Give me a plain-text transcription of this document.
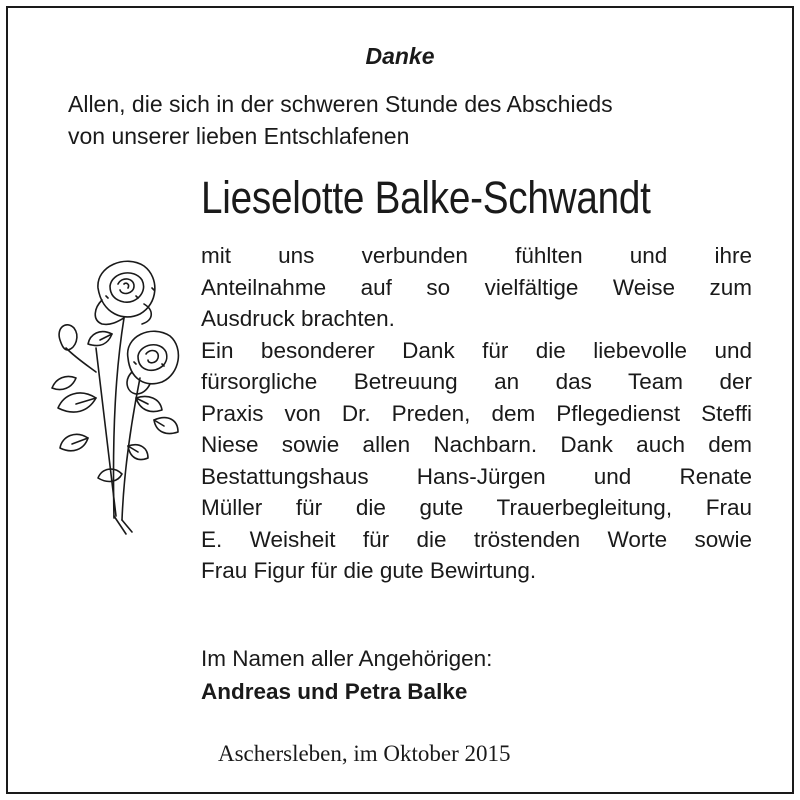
Danke
Allen, die sich in der schweren Stunde des Abschieds
von unserer lieben Entschlafenen
Lieselotte Balke-Schwandt
mit uns verbunden fühlten und ihre
Anteilnahme auf so vielfältige Weise zum
Ausdruck brachten.
Ein besonderer Dank für die liebevolle und
fürsorgliche Betreuung an das Team der
Praxis von Dr. Preden, dem Pflegedienst Steffi
Niese sowie allen Nachbarn. Dank auch dem
Bestattungshaus Hans-Jürgen und Renate
Müller für die gute Trauerbegleitung, Frau
E. Weisheit für die tröstenden Worte sowie
Frau Figur für die gute Bewirtung.
Im Namen aller Angehörigen:
Andreas und Petra Balke
Aschersleben, im Oktober 2015
